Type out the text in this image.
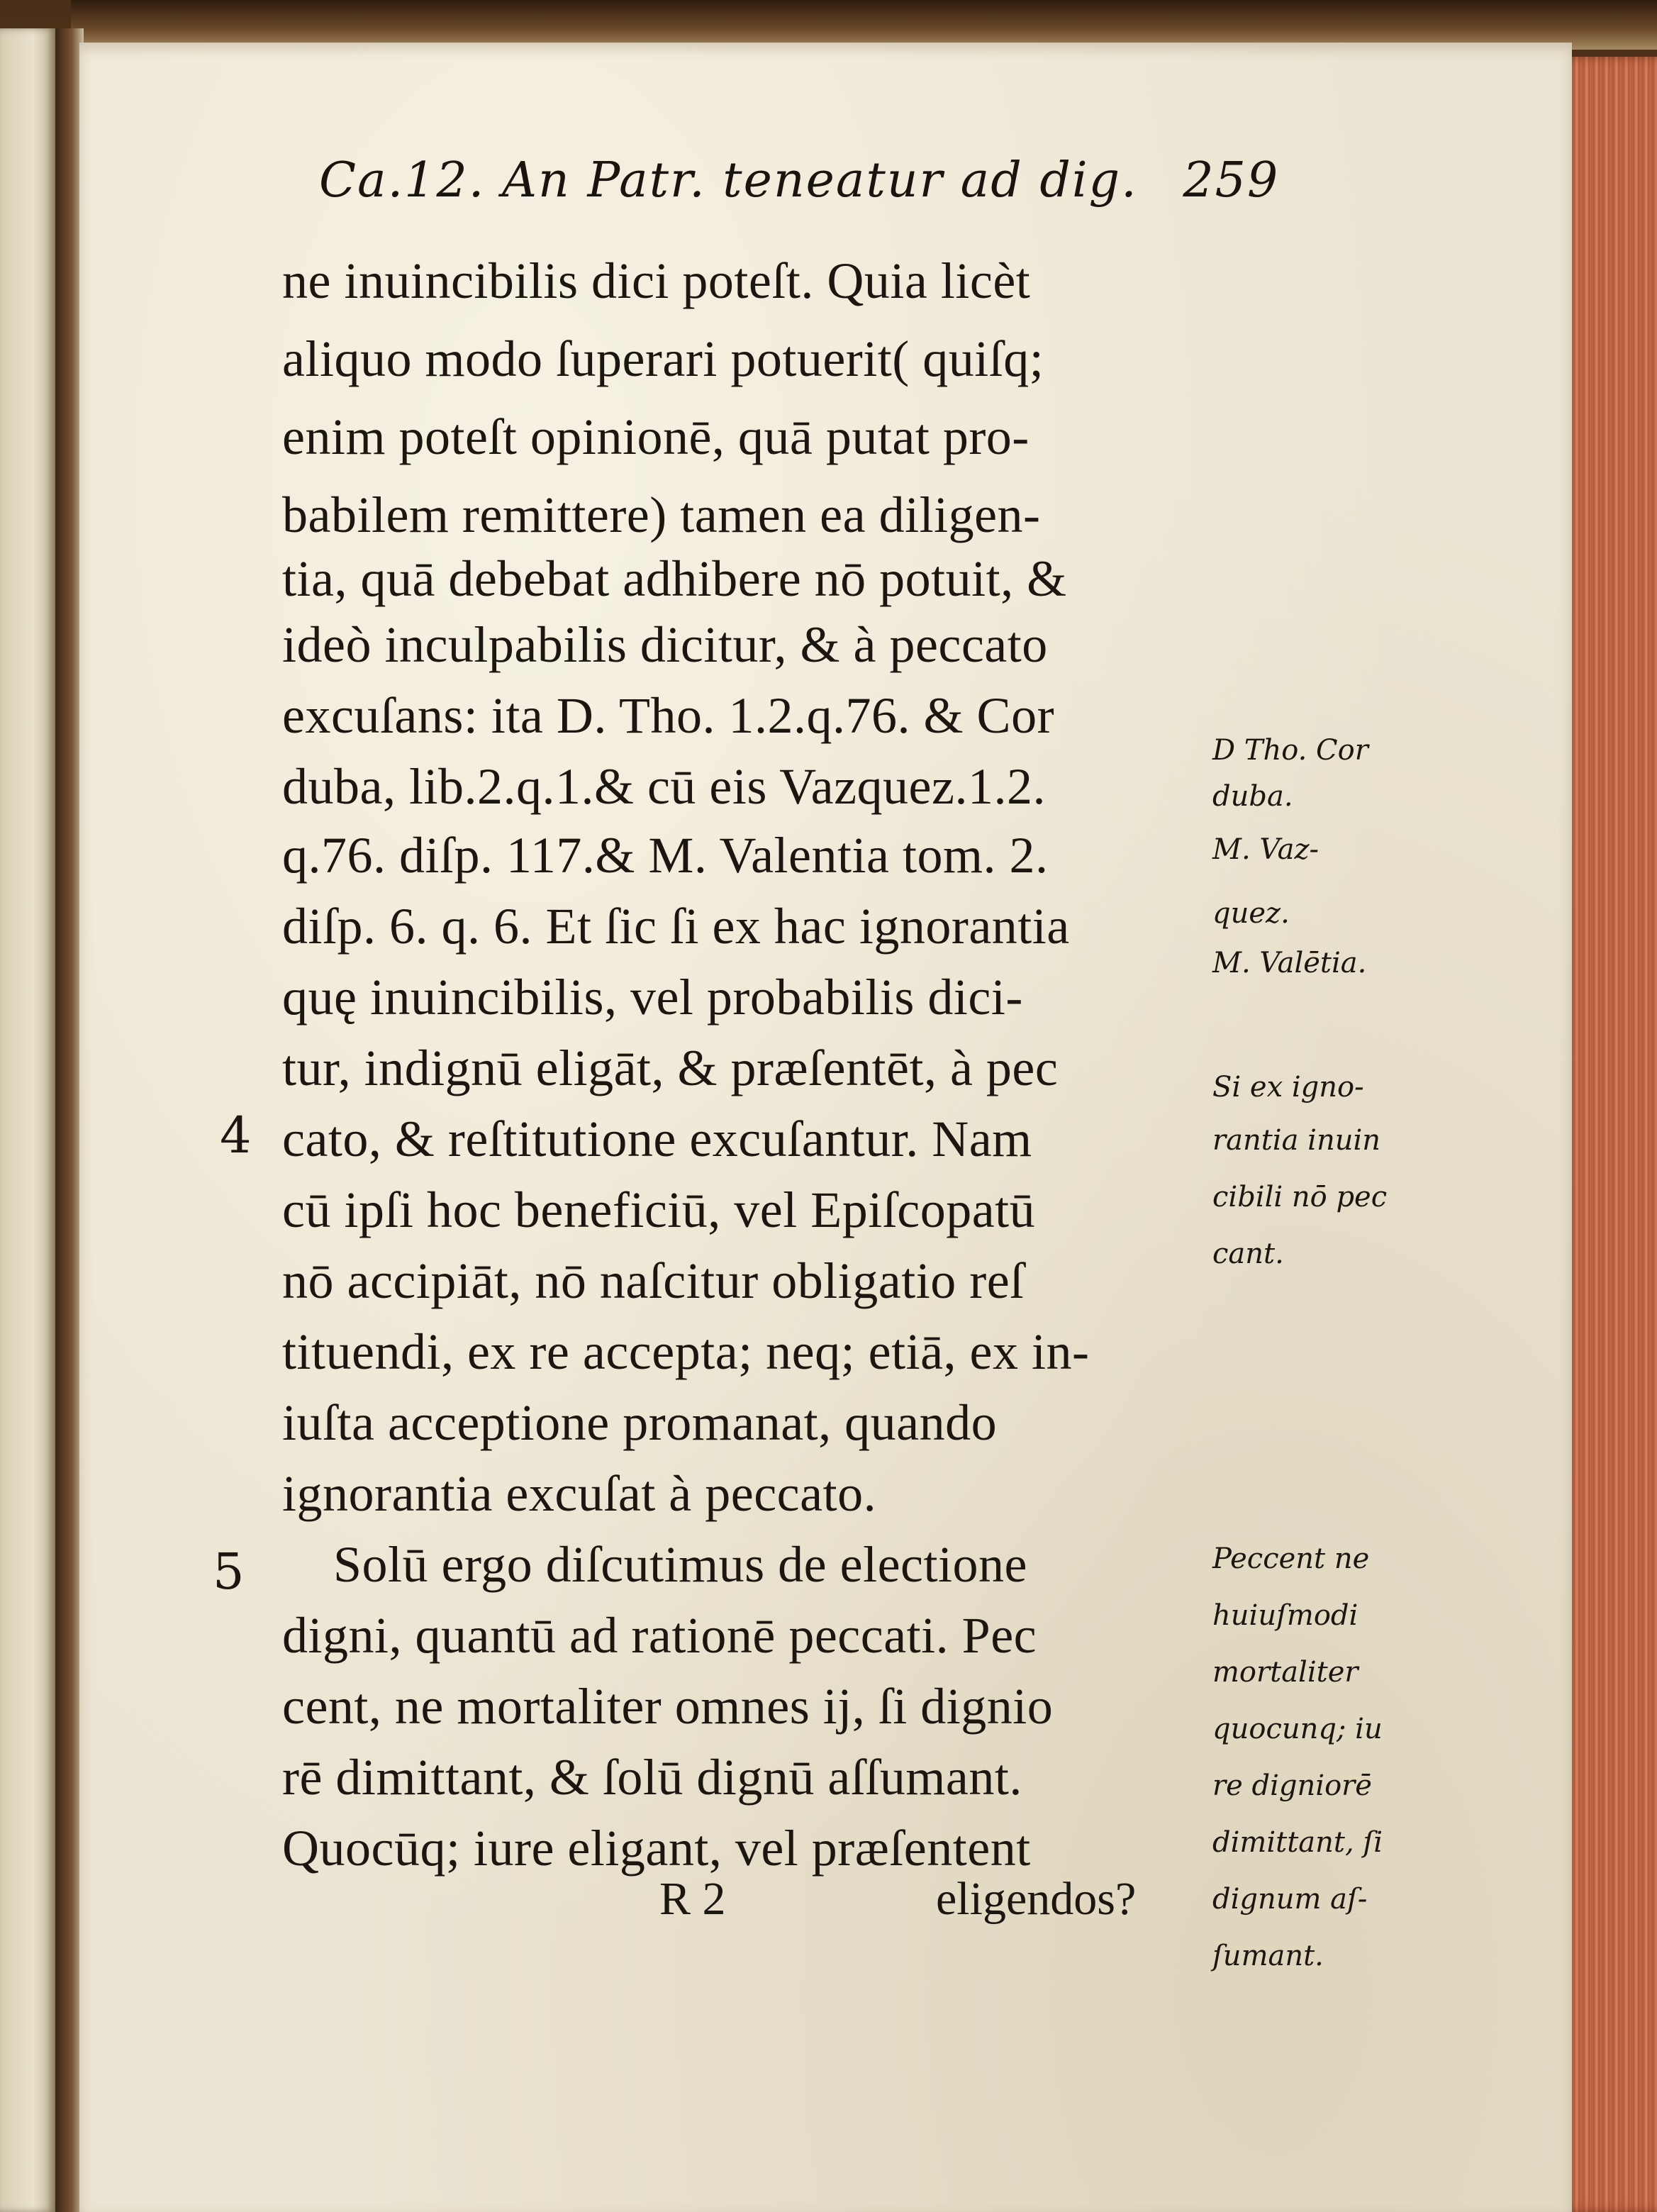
Ca.12. An Patr. teneatur ad dig. 259
ne inuincibilis dici poteſt. Quia licèt
aliquo modo ſuperari potuerit( quiſq;
enim poteſt opinionē, quā putat pro-
babilem remittere) tamen ea diligen-
tia, quā debebat adhibere nō potuit, &
ideò inculpabilis dicitur, & à peccato
excuſans: ita D. Tho. 1.2.q.76. & Cor
duba, lib.2.q.1.& cū eis Vazquez.1.2.
q.76. diſp. 117.& M. Valentia tom. 2.
diſp. 6. q. 6. Et ſic ſi ex hac ignorantia
quę inuincibilis, vel probabilis dici-
tur, indignū eligāt, & præſentēt, à pec
cato, & reſtitutione excuſantur. Nam
cū ipſi hoc beneficiū, vel Epiſcopatū
nō accipiāt, nō naſcitur obligatio reſ
tituendi, ex re accepta; neq; etiā, ex in-
iuſta acceptione promanat, quando
ignorantia excuſat à peccato.
Solū ergo diſcutimus de electione
digni, quantū ad rationē peccati. Pec
cent, ne mortaliter omnes ij, ſi dignio
rē dimittant, & ſolū dignū aſſumant.
Quocūq; iure eligant, vel præſentent
4
5
D Tho. Cor
duba.
M. Vaz-
quez.
M. Valētia.
Si ex igno-
rantia inuin
cibili nō pec
cant.
Peccent ne
huiuſmodi
mortaliter
quocunq; iu
re digniorē
dimittant, ſi
dignum aſ-
ſumant.
R 2	eligendos?
